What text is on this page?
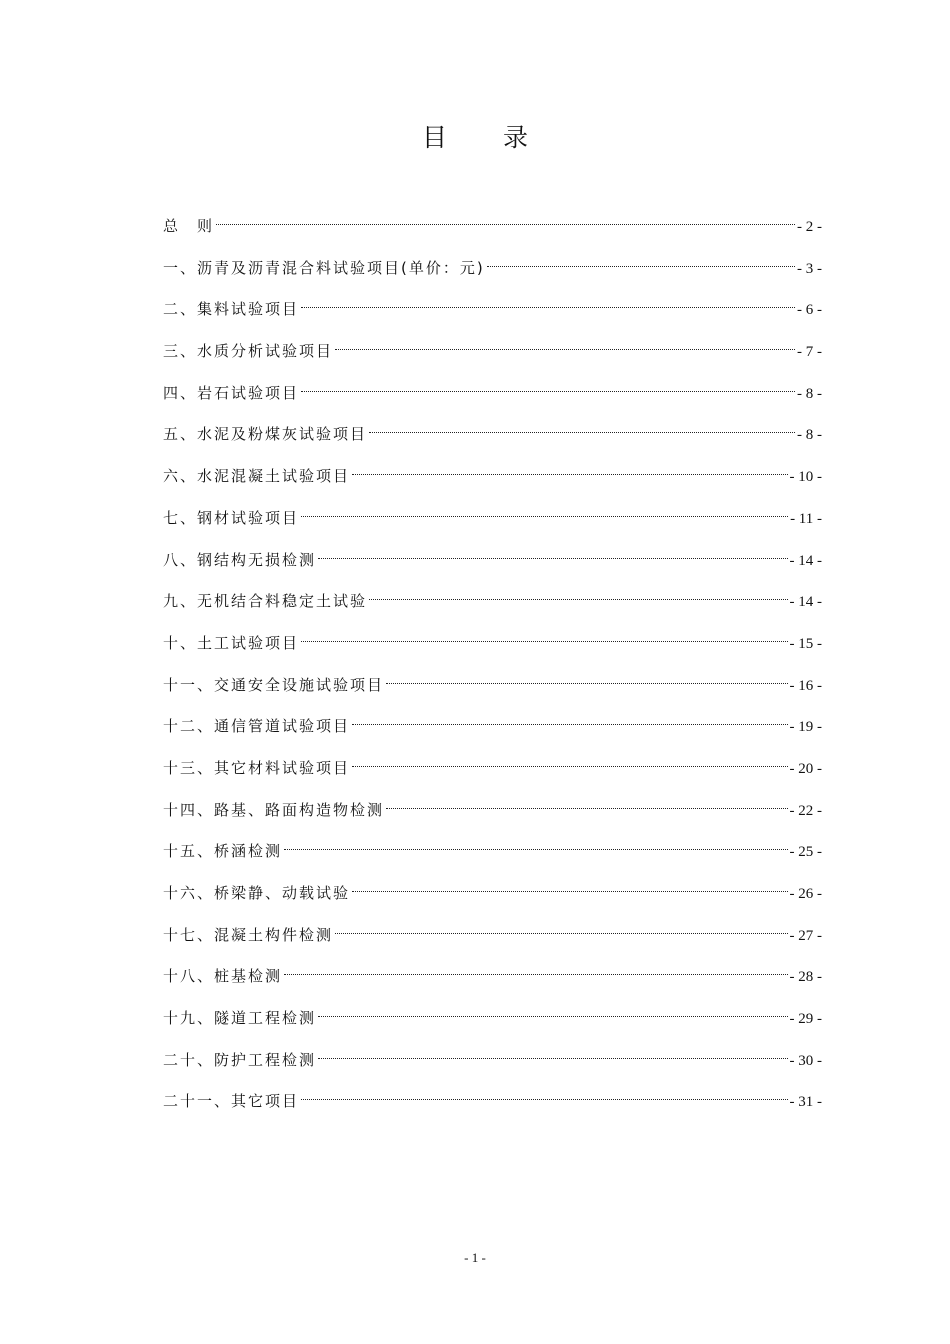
目 录
总　则	- 2 -
一、沥青及沥青混合料试验项目(单价：元)	- 3 -
二、集料试验项目	- 6 -
三、水质分析试验项目	- 7 -
四、岩石试验项目	- 8 -
五、水泥及粉煤灰试验项目	- 8 -
六、水泥混凝土试验项目	- 10 -
七、钢材试验项目	- 11 -
八、钢结构无损检测	- 14 -
九、无机结合料稳定土试验	- 14 -
十、土工试验项目	- 15 -
十一、交通安全设施试验项目	- 16 -
十二、通信管道试验项目	- 19 -
十三、其它材料试验项目	- 20 -
十四、路基、路面构造物检测	- 22 -
十五、桥涵检测	- 25 -
十六、桥梁静、动载试验	- 26 -
十七、混凝土构件检测	- 27 -
十八、桩基检测	- 28 -
十九、隧道工程检测	- 29 -
二十、防护工程检测	- 30 -
二十一、其它项目	- 31 -
- 1 -
